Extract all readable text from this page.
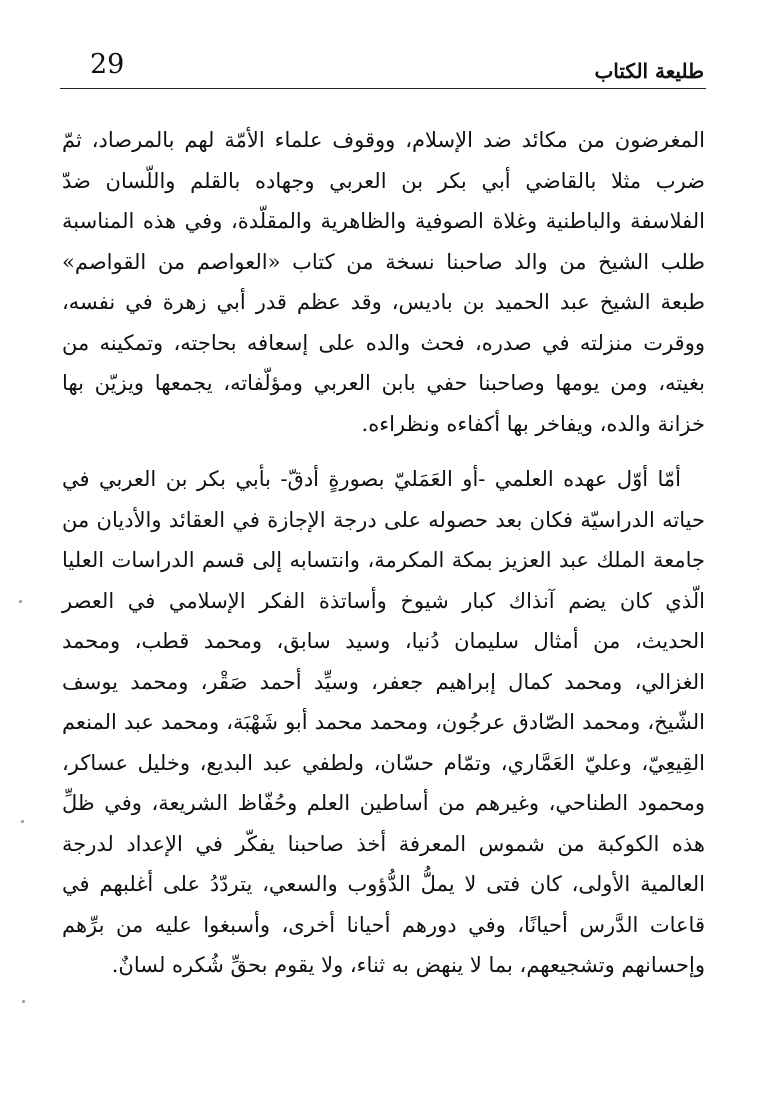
29	طليعة الكتاب

المغرضون من مكائد ضد الإسلام، ووقوف علماء الأمّة لهم بالمرصاد، ثمّ ضرب مثلا بالقاضي أبي بكر بن العربي وجهاده بالقلم واللّسان ضدّ الفلاسفة والباطنية وغلاة الصوفية والظاهرية والمقلّدة، وفي هذه المناسبة طلب الشيخ من والد صاحبنا نسخة من كتاب «العواصم من القواصم» طبعة الشيخ عبد الحميد بن باديس، وقد عظم قدر أبي زهرة في نفسه، ووقرت منزلته في صدره، فحث والده على إسعافه بحاجته، وتمكينه من بغيته، ومن يومها وصاحبنا حفي بابن العربي ومؤلّفاته، يجمعها ويزيّن بها خزانة والده، ويفاخر بها أكفاءه ونظراءه.

أمّا أوّل عهده العلمي -أو العَمَليّ بصورةٍ أدقّ- بأبي بكر بن العربي في حياته الدراسيّة فكان بعد حصوله على درجة الإجازة في العقائد والأديان من جامعة الملك عبد العزيز بمكة المكرمة، وانتسابه إلى قسم الدراسات العليا الّذي كان يضم آنذاك كبار شيوخ وأساتذة الفكر الإسلامي في العصر الحديث، من أمثال سليمان دُنيا، وسيد سابق، ومحمد قطب، ومحمد الغزالي، ومحمد كمال إبراهيم جعفر، وسيِّد أحمد صَقْر، ومحمد يوسف الشّيخ، ومحمد الصّادق عرجُون، ومحمد محمد أبو شَهْبَة، ومحمد عبد المنعم القِيعِيّ، وعليّ العَمَّاري، وتمّام حسّان، ولطفي عبد البديع، وخليل عساكر، ومحمود الطناحي، وغيرهم من أساطين العلم وحُفّاظ الشريعة، وفي ظلِّ هذه الكوكبة من شموس المعرفة أخذ صاحبنا يفكّر في الإعداد لدرجة العالمية الأولى، كان فتى لا يملُّ الدُّؤوب والسعي، يتردّدُ على أغلبهم في قاعات الدَّرس أحيانًا، وفي دورهم أحيانا أخرى، وأسبغوا عليه من برِّهم وإحسانهم وتشجيعهم، بما لا ينهض به ثناء، ولا يقوم بحقِّ شُكره لسانٌ.
